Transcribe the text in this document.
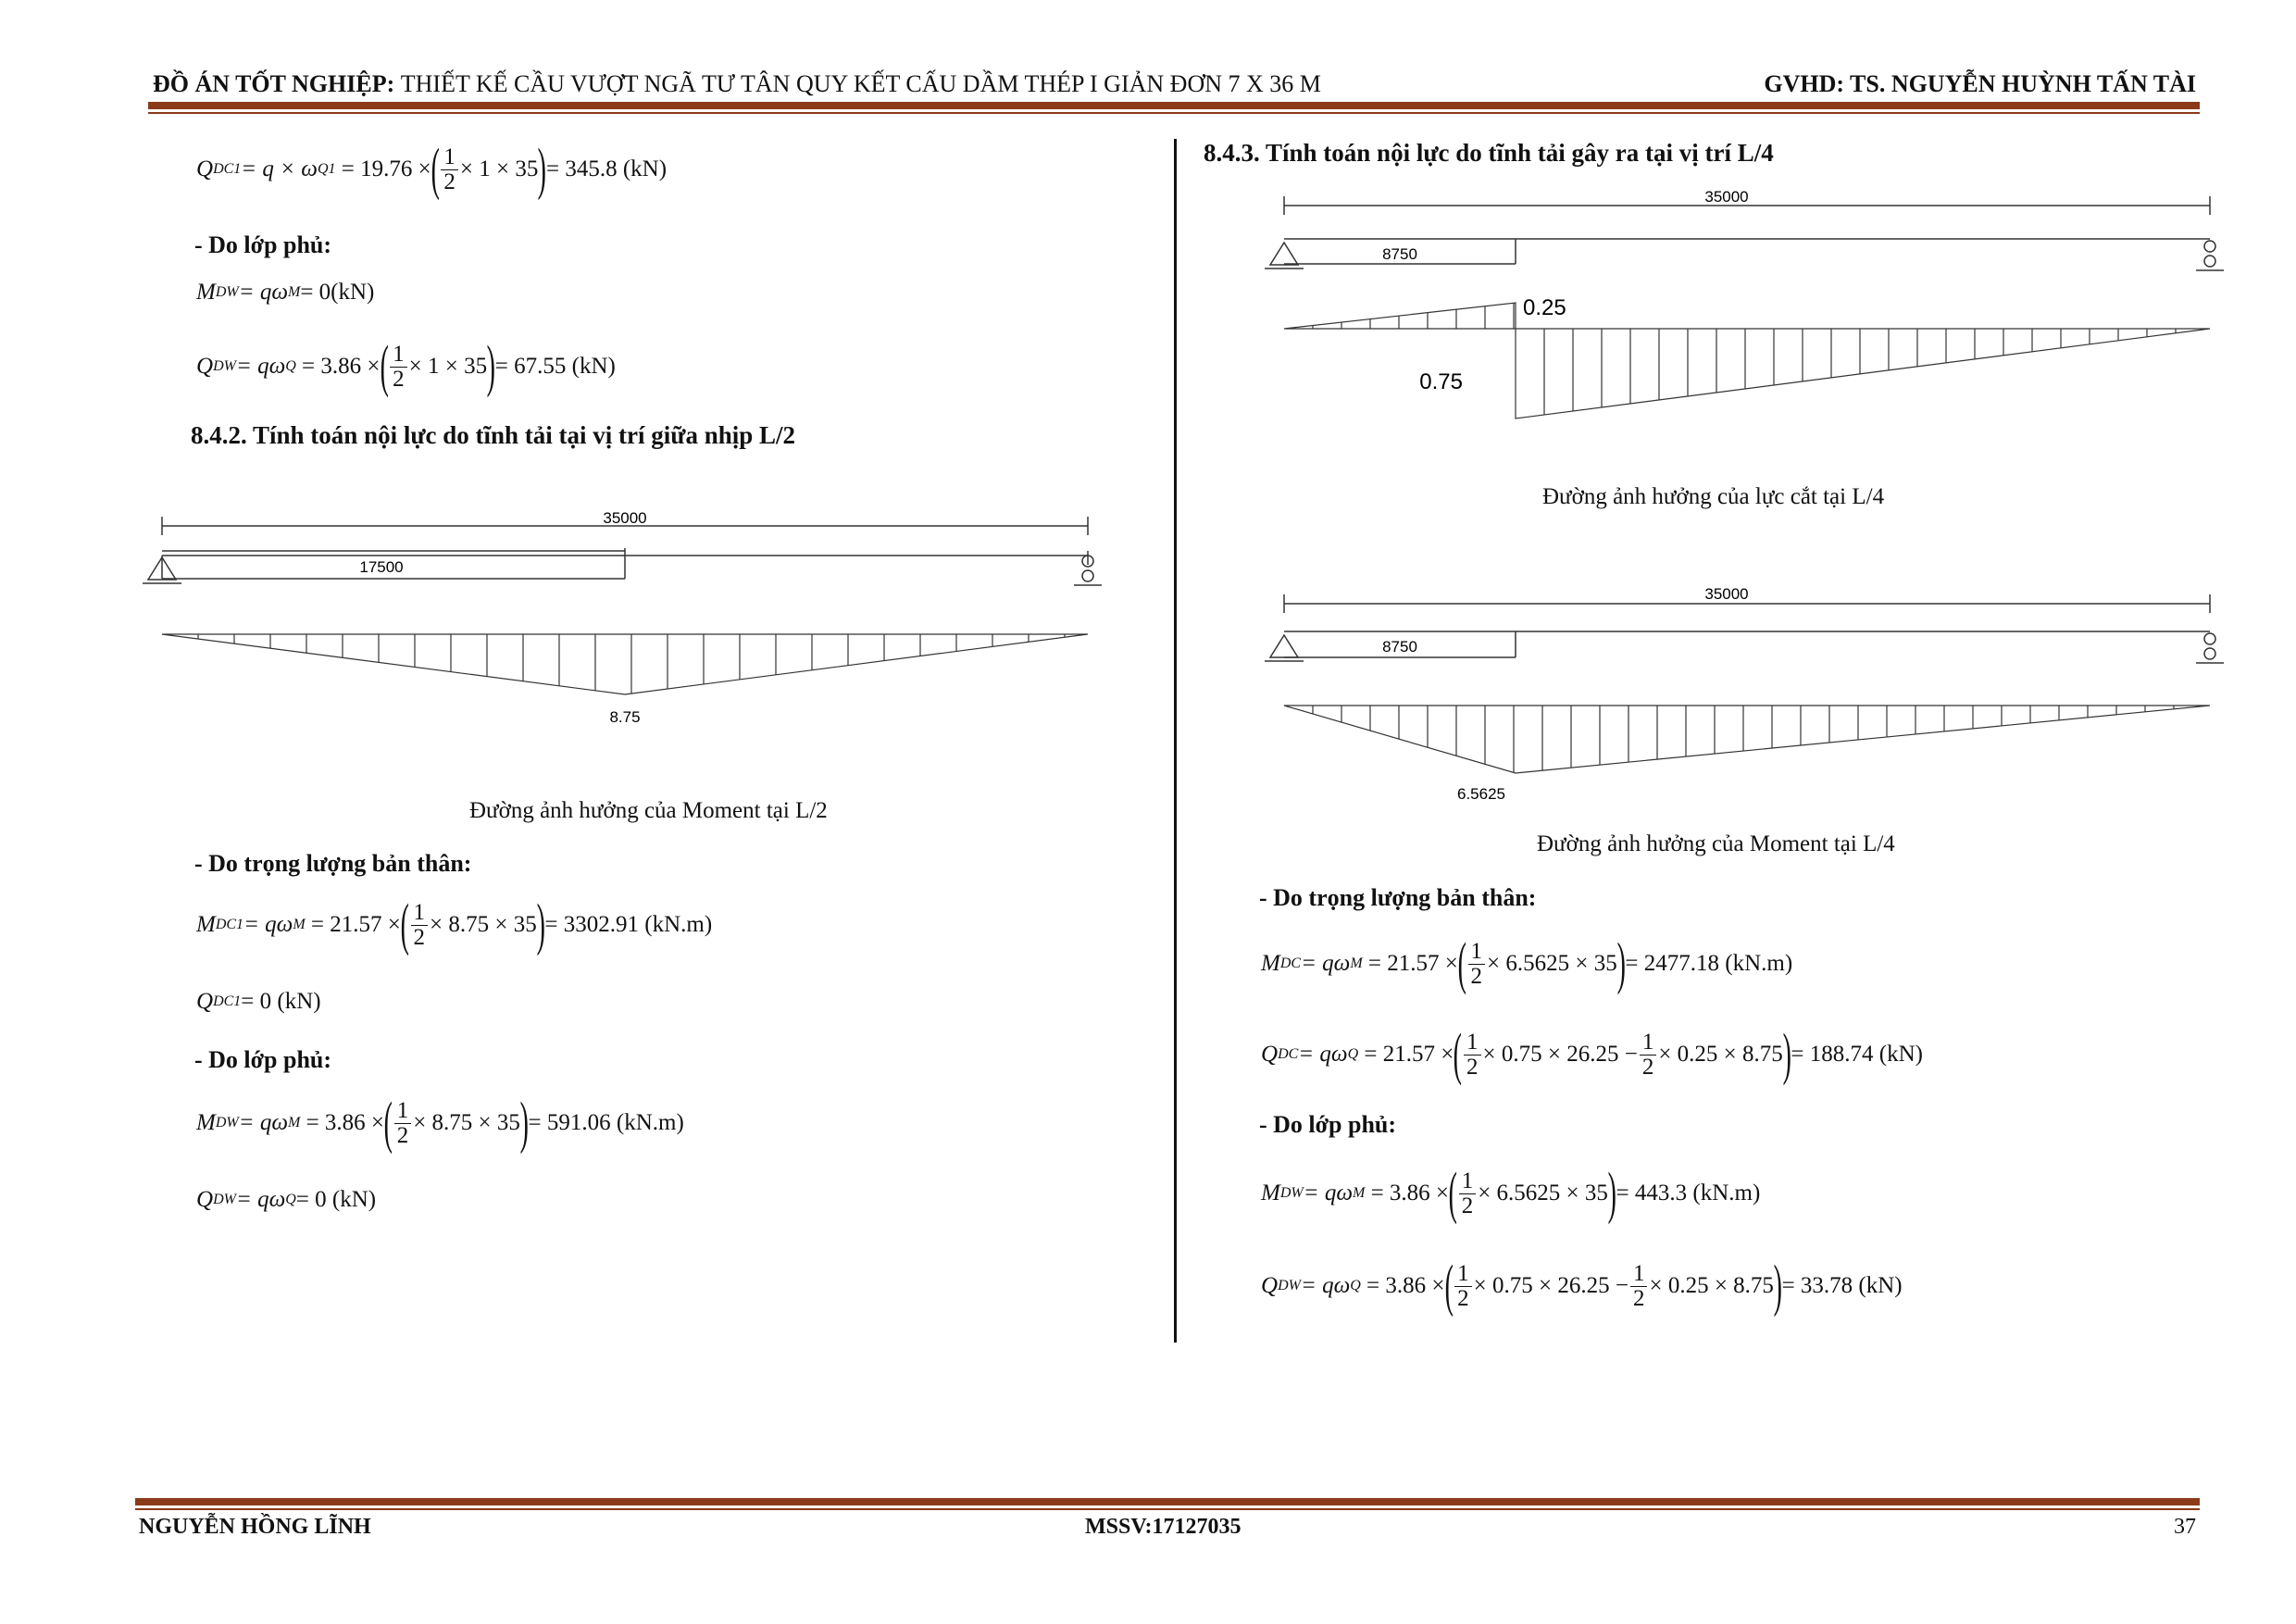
ĐỒ ÁN TỐT NGHIỆP: THIẾT KẾ CẦU VƯỢT NGÃ TƯ TÂN QUY KẾT CẤU DẦM THÉP I GIẢN ĐƠN 7 X 36 M	GVHD: TS. NGUYỄN HUỲNH TẤN TÀI
Q DC1 = q × ω Q1
= 19.76 × ( $\frac{1}{2} \times 1 \times 35$ ) = 345.8 (kN)
- Do lớp phủ:
M DW = qω M = 0(kN)
Q DW = qω Q
= 3.86 × ( $\frac{1}{2} \times 1 \times 35$ ) = 67.55 (kN)
8.4.2. Tính toán nội lực do tĩnh tải tại vị trí giữa nhịp L/2
35000
17500
8.75
Đường ảnh hưởng của Moment tại L/2
- Do trọng lượng bản thân:
M DC1 = qω M
= 21.57 × ( $\frac{1}{2} \times 8.75 \times 35$ ) = 3302.91 (kN.m)
Q DC1 = 0 (kN)
- Do lớp phủ:
M DW = qω M
= 3.86 × ( $\frac{1}{2} \times 8.75 \times 35$ ) = 591.06 (kN.m)
Q DW = qω Q = 0 (kN)
8.4.3. Tính toán nội lực do tĩnh tải gây ra tại vị trí L/4
35000
8750
0.25
0.75
Đường ảnh hưởng của lực cắt tại L/4
35000
8750
6.5625
Đường ảnh hưởng của Moment tại L/4
- Do trọng lượng bản thân:
M DC = qω M
= 21.57 × ( $\frac{1}{2} \times 6.5625 \times 35$ ) = 2477.18 (kN.m)
Q DC = qω Q
= 21.57 × ( $\frac{1}{2} \times 0.75 \times 26.25 - \frac{1}{2} \times 0.25 \times 8.75$ ) = 188.74 (kN)
- Do lớp phủ:
M DW = qω M
= 3.86 × ( $\frac{1}{2} \times 6.5625 \times 35$ ) = 443.3 (kN.m)
Q DW = qω Q
= 3.86 × ( $\frac{1}{2} \times 0.75 \times 26.25 - \frac{1}{2} \times 0.25 \times 8.75$ ) = 33.78 (kN)
NGUYỄN HỒNG LĨNH	MSSV:17127035	37
